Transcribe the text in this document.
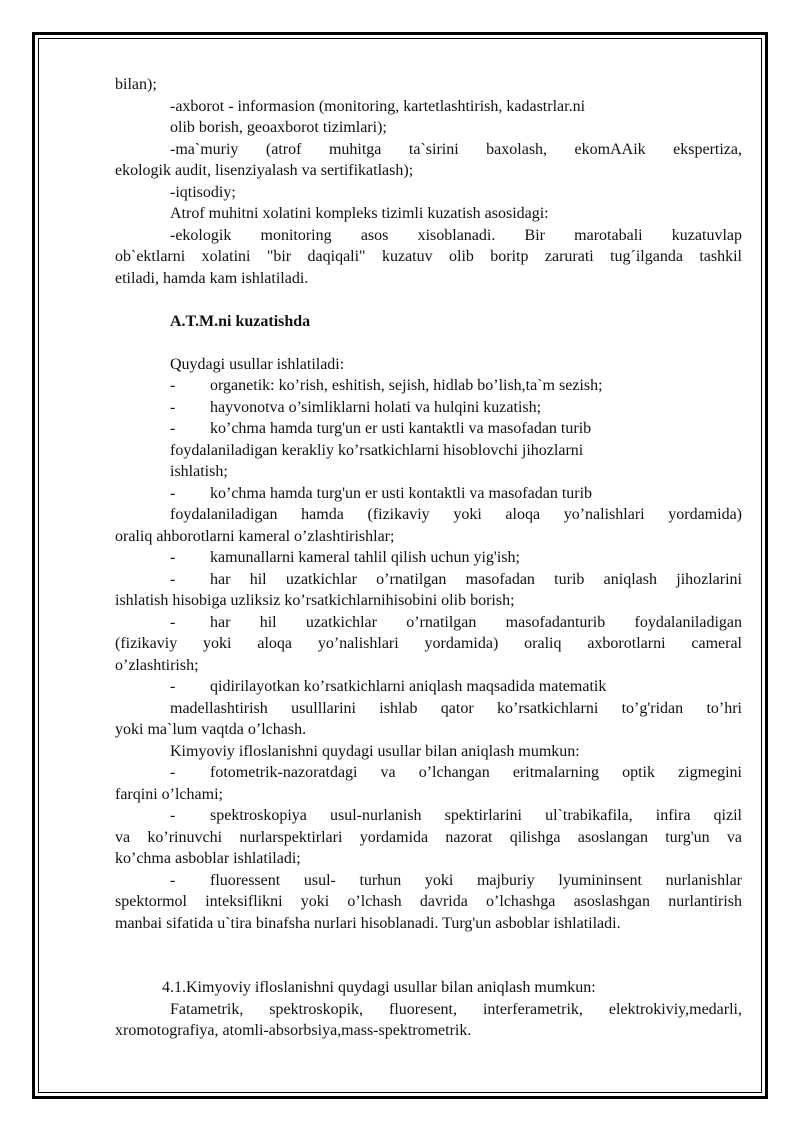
bilan);
-axborot - informasion (monitoring, kartetlashtirish, kadastrlar.ni
olib borish, geoaxborot tizimlari);
-ma`muriy (atrof muhitga ta`sirini baxolash, ekomAAik ekspertiza,
ekologik audit, lisenziyalash va sertifikatlash);
-iqtisodiy;
Atrof muhitni xolatini kompleks tizimli kuzatish asosidagi:
-ekologik monitoring asos xisoblanadi. Bir marotabali kuzatuvlap
ob`ektlarni xolatini "bir daqiqali" kuzatuv olib boritp zarurati tug´ilganda tashkil
etiladi, hamda kam ishlatiladi.
A.T.M.ni kuzatishda
Quydagi usullar ishlatiladi:
- organetik: ko’rish, eshitish, sejish, hidlab bo’lish,ta`m sezish;
- hayvonotva o’simliklarni holati va hulqini kuzatish;
- ko’chma hamda turg'un er usti kantaktli va masofadan turib
foydalaniladigan kerakliy ko’rsatkichlarni hisoblovchi jihozlarni
ishlatish;
- ko’chma hamda turg'un er usti kontaktli va masofadan turib
foydalaniladigan hamda (fizikaviy yoki aloqa yo’nalishlari yordamida)
oraliq ahborotlarni kameral o’zlashtirishlar;
- kamunallarni kameral tahlil qilish uchun yig'ish;
- har hil uzatkichlar o’rnatilgan masofadan turib aniqlash jihozlarini
ishlatish hisobiga uzliksiz ko’rsatkichlarnihisobini olib borish;
- har hil uzatkichlar o’rnatilgan masofadanturib foydalaniladigan
(fizikaviy yoki aloqa yo’nalishlari yordamida) oraliq axborotlarni cameral
o’zlashtirish;
- qidirilayotkan ko’rsatkichlarni aniqlash maqsadida matematik
madellashtirish usulllarini ishlab qator ko’rsatkichlarni to’g'ridan to’hri
yoki ma`lum vaqtda o’lchash.
Kimyoviy ifloslanishni quydagi usullar bilan aniqlash mumkun:
- fotometrik-nazoratdagi va o’lchangan eritmalarning optik zigmegini
farqini o’lchami;
- spektroskopiya usul-nurlanish spektirlarini ul`trabikafila, infira qizil
va ko’rinuvchi nurlarspektirlari yordamida nazorat qilishga asoslangan turg'un va
ko’chma asboblar ishlatiladi;
- fluoressent usul- turhun yoki majburiy lyumininsent nurlanishlar
spektormol inteksiflikni yoki o’lchash davrida o’lchashga asoslashgan nurlantirish
manbai sifatida u`tira binafsha nurlari hisoblanadi. Turg'un asboblar ishlatiladi.
4.1.Kimyoviy ifloslanishni quydagi usullar bilan aniqlash mumkun:
Fatametrik, spektroskopik, fluoresent, interferametrik, elektrokiviy,medarli,
xromotografiya, atomli-absorbsiya,mass-spektrometrik.
